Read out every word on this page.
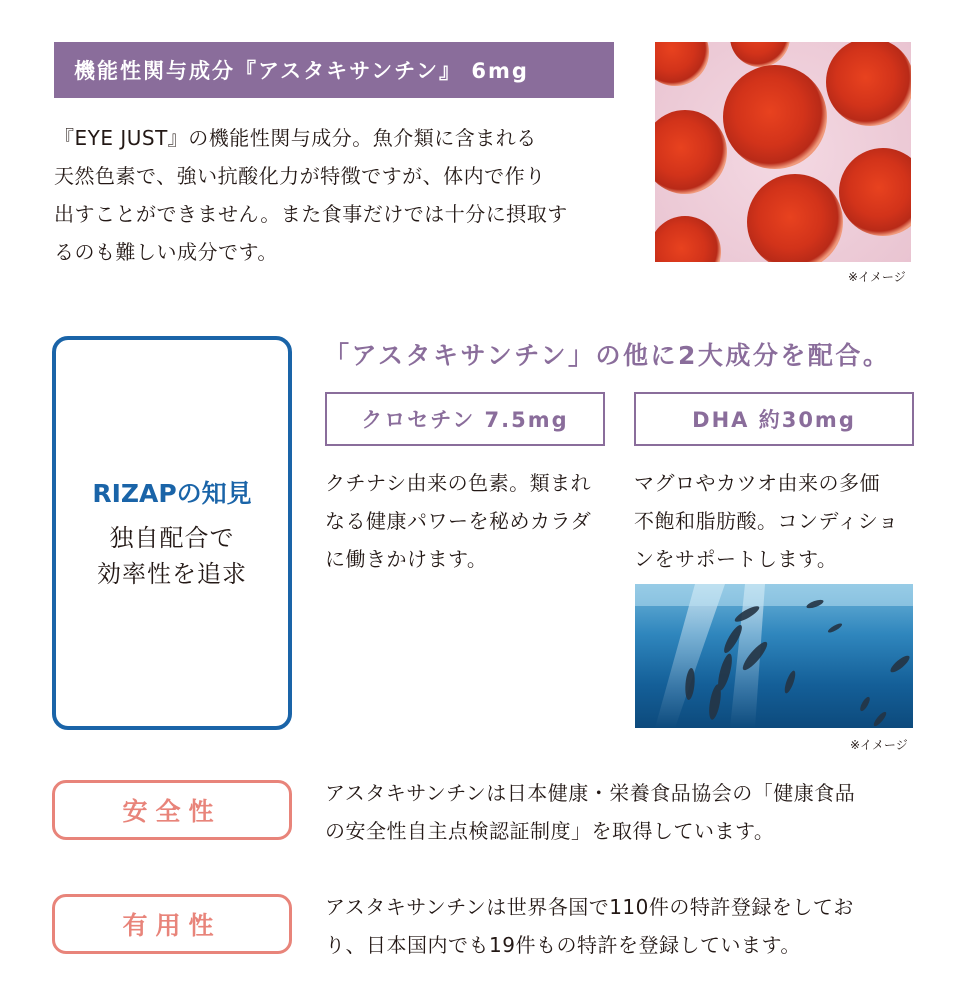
機能性関与成分『アスタキサンチン』 6mg
『EYE JUST』の機能性関与成分。魚介類に含まれる
天然色素で、強い抗酸化力が特徴ですが、体内で作り
出すことができません。また食事だけでは十分に摂取す
るのも難しい成分です。
※イメージ
RIZAPの知見
独自配合で
効率性を追求
「アスタキサンチン」の他に2大成分を配合。
クロセチン 7.5mg	DHA 約30mg
クチナシ由来の色素。類まれ
なる健康パワーを秘めカラダ
に働きかけます。
マグロやカツオ由来の多価
不飽和脂肪酸。コンディショ
ンをサポートします。
※イメージ
安全性
アスタキサンチンは日本健康・栄養食品協会の「健康食品
の安全性自主点検認証制度」を取得しています。
有用性
アスタキサンチンは世界各国で110件の特許登録をしてお
り、日本国内でも19件もの特許を登録しています。
